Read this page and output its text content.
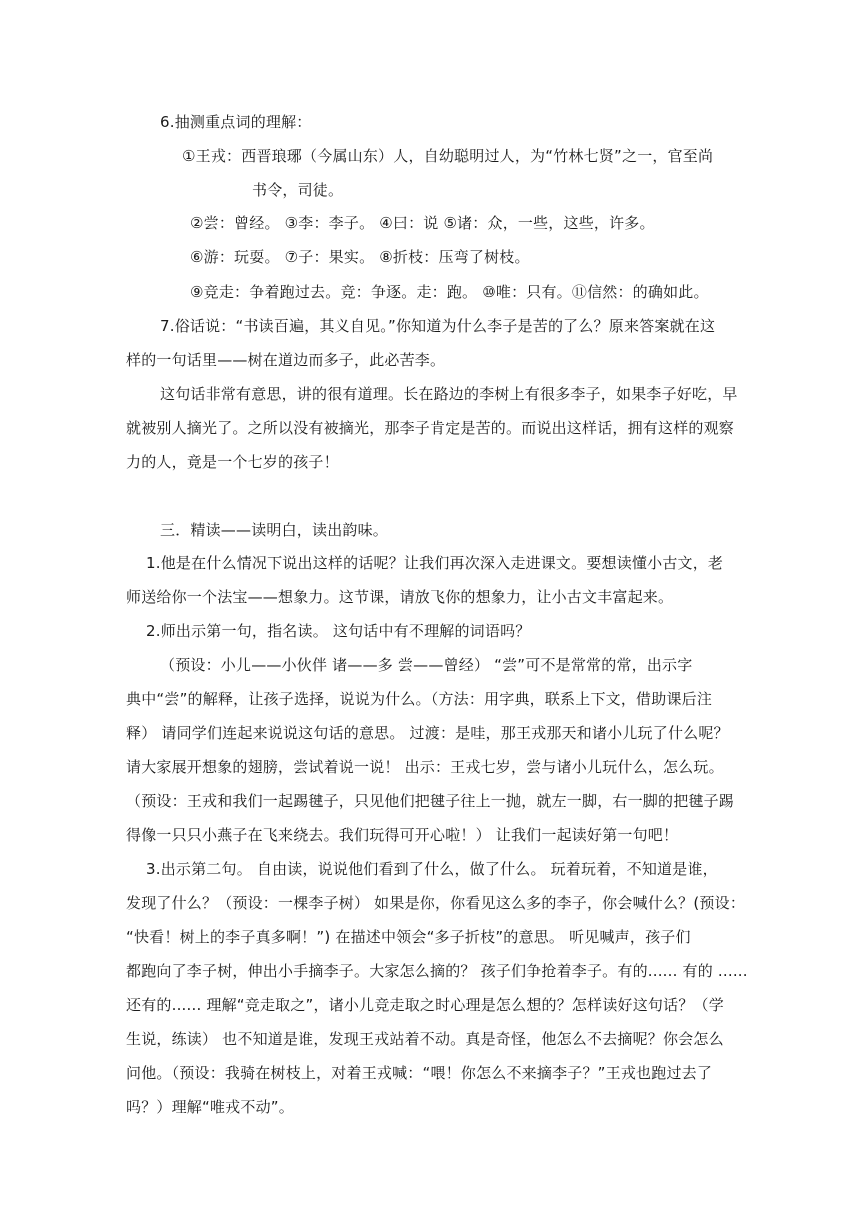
6.抽测重点词的理解：
①王戎：西晋琅琊（今属山东）人，自幼聪明过人，为“竹林七贤”之一，官至尚
书令，司徒。
②尝：曾经。 ③李：李子。 ④曰：说 ⑤诸：众，一些，这些，许多。
⑥游：玩耍。 ⑦子：果实。 ⑧折枝：压弯了树枝。
⑨竞走：争着跑过去。竞：争逐。走：跑。 ⑩唯：只有。⑪信然：的确如此。
7.俗话说：“书读百遍，其义自见。”你知道为什么李子是苦的了么？原来答案就在这
样的一句话里——树在道边而多子，此必苦李。
这句话非常有意思，讲的很有道理。长在路边的李树上有很多李子，如果李子好吃，早
就被别人摘光了。之所以没有被摘光，那李子肯定是苦的。而说出这样话，拥有这样的观察
力的人，竟是一个七岁的孩子！
三．精读——读明白，读出韵味。
1.他是在什么情况下说出这样的话呢？让我们再次深入走进课文。要想读懂小古文，老
师送给你一个法宝——想象力。这节课，请放飞你的想象力，让小古文丰富起来。
2.师出示第一句，指名读。 这句话中有不理解的词语吗？
（预设：小儿——小伙伴 诸——多 尝——曾经） “尝”可不是常常的常，出示字
典中“尝”的解释，让孩子选择，说说为什么。（方法：用字典，联系上下文，借助课后注
释） 请同学们连起来说说这句话的意思。 过渡：是哇，那王戎那天和诸小儿玩了什么呢？
请大家展开想象的翅膀，尝试着说一说！ 出示：王戎七岁，尝与诸小儿玩什么，怎么玩。
（预设：王戎和我们一起踢毽子，只见他们把毽子往上一抛，就左一脚，右一脚的把毽子踢
得像一只只小燕子在飞来绕去。我们玩得可开心啦！） 让我们一起读好第一句吧！
3.出示第二句。 自由读，说说他们看到了什么，做了什么。 玩着玩着，不知道是谁，
发现了什么？（预设：一棵李子树） 如果是你，你看见这么多的李子，你会喊什么？(预设：
“快看！树上的李子真多啊！”) 在描述中领会“多子折枝”的意思。 听见喊声，孩子们
都跑向了李子树，伸出小手摘李子。大家怎么摘的？ 孩子们争抢着李子。有的...... 有的 ......
还有的...... 理解“竞走取之”，诸小儿竞走取之时心理是怎么想的？怎样读好这句话？（学
生说，练读） 也不知道是谁，发现王戎站着不动。真是奇怪，他怎么不去摘呢？你会怎么
问他。（预设：我骑在树枝上，对着王戎喊：“喂！你怎么不来摘李子？”王戎也跑过去了
吗？）理解“唯戎不动”。
